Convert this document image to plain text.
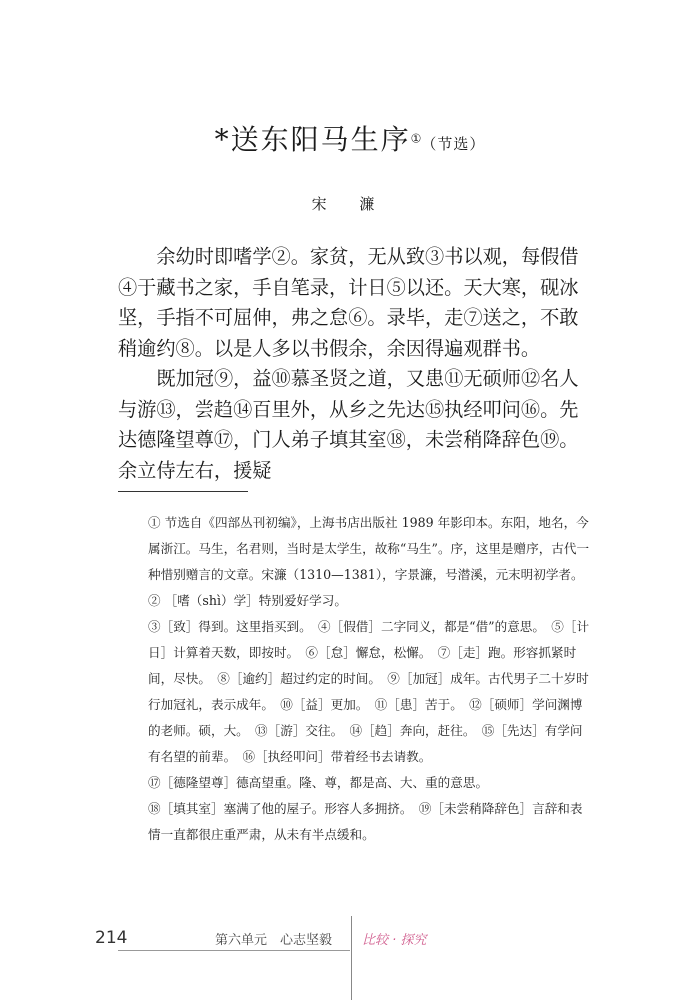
*送东阳马生序①（节选）
宋 濂

余幼时即嗜学②。家贫，无从致③书以观，每假借④于藏书之家，手自笔录，计日⑤以还。天大寒，砚冰坚，手指不可屈伸，弗之怠⑥。录毕，走⑦送之，不敢稍逾约⑧。以是人多以书假余，余因得遍观群书。

既加冠⑨，益⑩慕圣贤之道，又患⑪无硕师⑫名人与游⑬，尝趋⑭百里外，从乡之先达⑮执经叩问⑯。先达德隆望尊⑰，门人弟子填其室⑱，未尝稍降辞色⑲。余立侍左右，援疑

① 节选自《四部丛刊初编》，上海书店出版社 1989 年影印本。东阳，地名，今属浙江。马生，名君则，当时是太学生，故称“马生”。序，这里是赠序，古代一种惜别赠言的文章。宋濂（1310—1381），字景濂，号潜溪，元末明初学者。　② ［嗜（shì）学］特别爱好学习。

③［致］得到。这里指买到。　④［假借］二字同义，都是“借”的意思。　⑤［计日］计算着天数，即按时。　⑥［怠］懈怠，松懈。　⑦［走］跑。形容抓紧时间，尽快。　⑧［逾约］超过约定的时间。　⑨［加冠］成年。古代男子二十岁时行加冠礼，表示成年。　⑩［益］更加。　⑪［患］苦于。　⑫［硕师］学问渊博的老师。硕，大。　⑬［游］交往。　⑭［趋］奔向，赶往。　⑮［先达］有学问有名望的前辈。　⑯［执经叩问］带着经书去请教。

⑰［德隆望尊］德高望重。隆、尊，都是高、大、重的意思。

⑱［填其室］塞满了他的屋子。形容人多拥挤。　⑲［未尝稍降辞色］言辞和表情一直都很庄重严肃，从未有半点缓和。

214	第六单元　心志坚毅 比较 · 探究
